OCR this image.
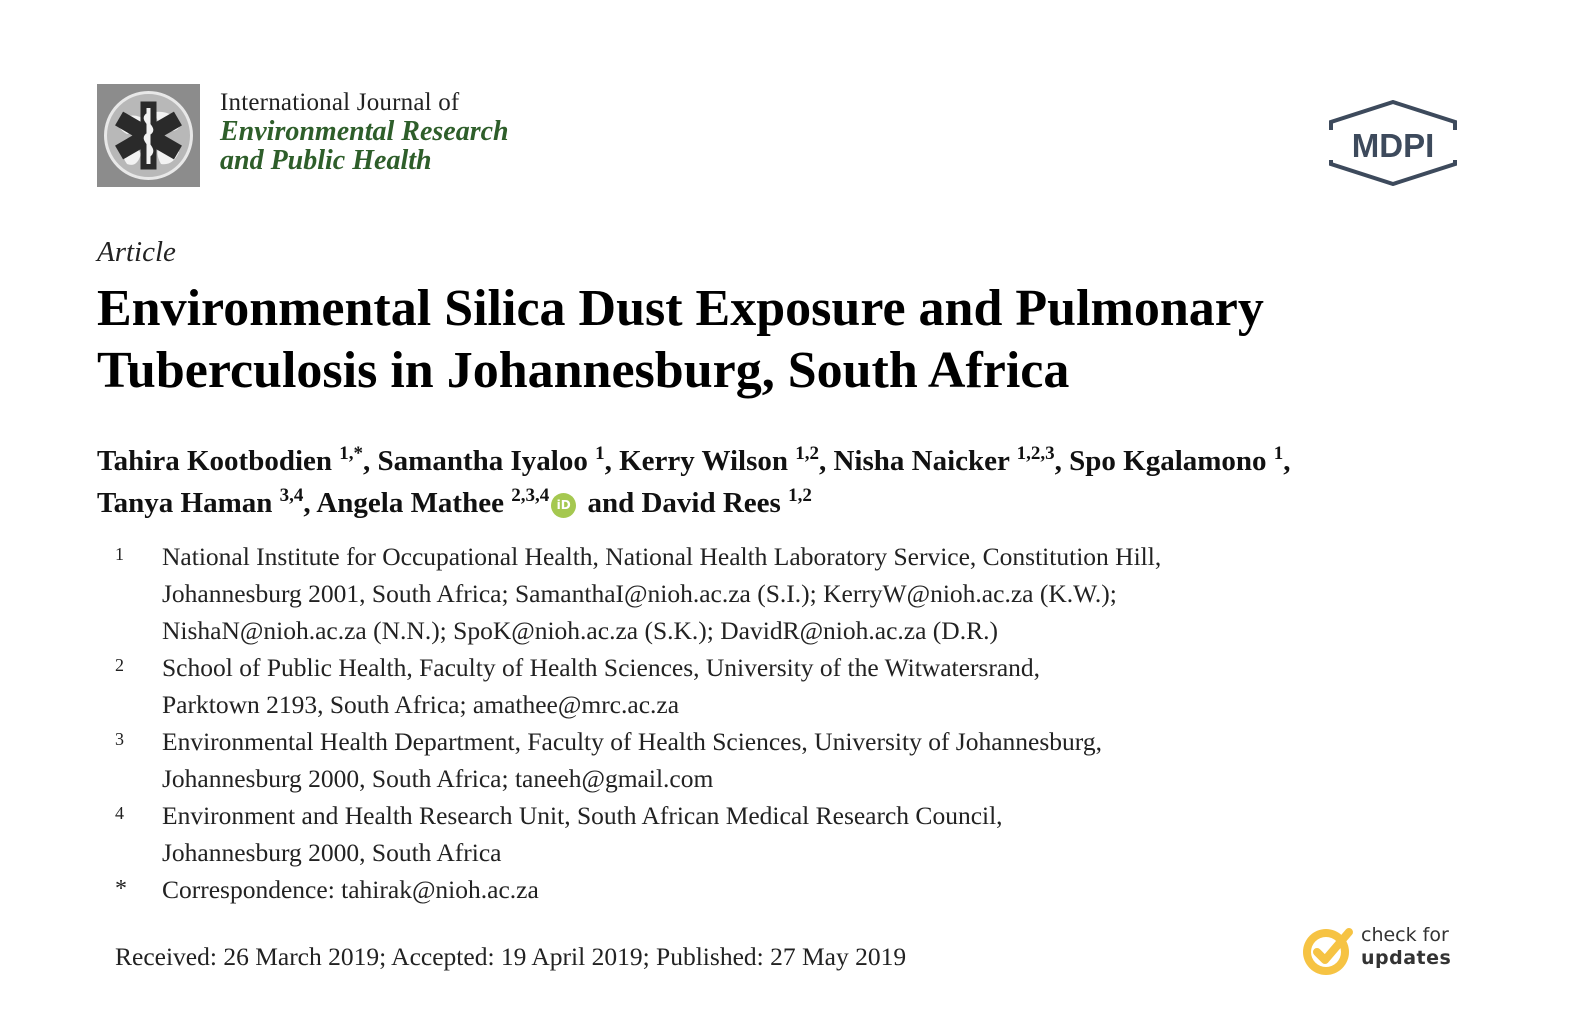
International Journal of
Environmental Research
and Public Health	MDPI
Article
Environmental Silica Dust Exposure and Pulmonary
Tuberculosis in Johannesburg, South Africa
Tahira Kootbodien $^{1,*}$, Samantha Iyaloo $^1$, Kerry Wilson $^{1,2}$, Nisha Naicker $^{1,2,3}$, Spo Kgalamono $^1$,
Tanya Haman $^{3,4}$, Angela Mathee $^{2,3,4}$ iD and David Rees $^{1,2}$
1 National Institute for Occupational Health, National Health Laboratory Service, Constitution Hill,
Johannesburg 2001, South Africa; SamanthaI@nioh.ac.za (S.I.); KerryW@nioh.ac.za (K.W.);
NishaN@nioh.ac.za (N.N.); SpoK@nioh.ac.za (S.K.); DavidR@nioh.ac.za (D.R.)
2 School of Public Health, Faculty of Health Sciences, University of the Witwatersrand,
Parktown 2193, South Africa; amathee@mrc.ac.za
3 Environmental Health Department, Faculty of Health Sciences, University of Johannesburg,
Johannesburg 2000, South Africa; taneeh@gmail.com
4 Environment and Health Research Unit, South African Medical Research Council,
Johannesburg 2000, South Africa
* Correspondence: tahirak@nioh.ac.za
Received: 26 March 2019; Accepted: 19 April 2019; Published: 27 May 2019
check for
updates
